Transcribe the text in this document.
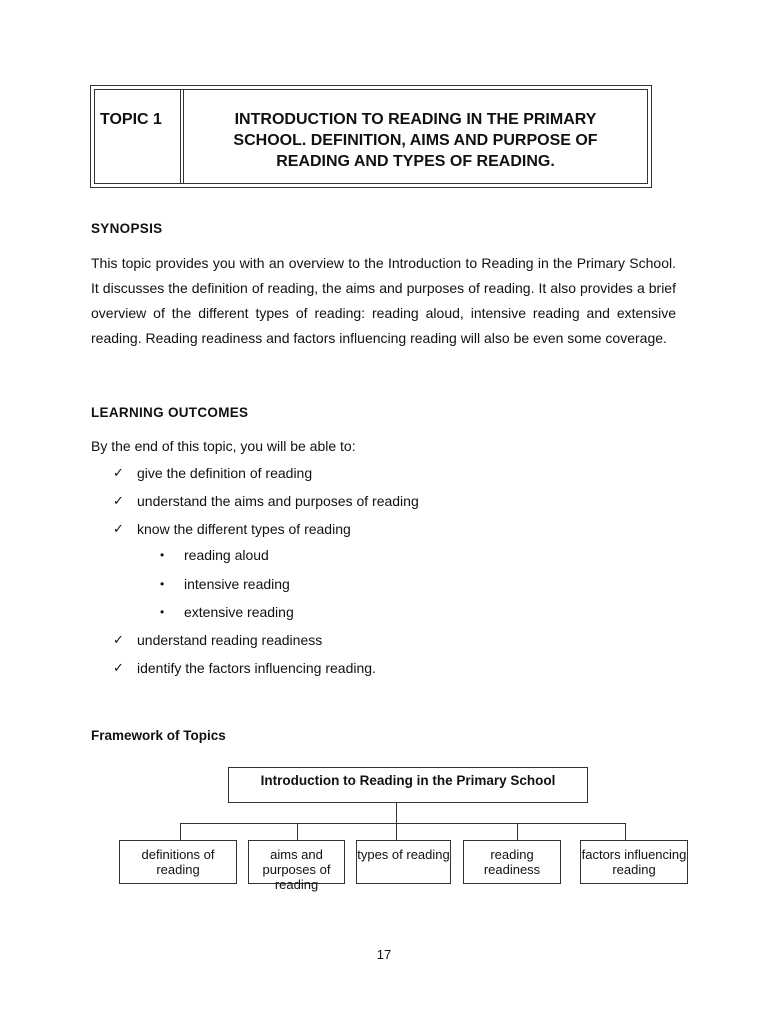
TOPIC 1	INTRODUCTION TO READING IN THE PRIMARY SCHOOL. DEFINITION, AIMS AND PURPOSE OF READING AND TYPES OF READING.
SYNOPSIS

This topic provides you with an overview to the Introduction to Reading in the Primary School. It discusses the definition of reading, the aims and purposes of reading. It also provides a brief overview of the different types of reading: reading aloud, intensive reading and extensive reading. Reading readiness and factors influencing reading will also be even some coverage.

LEARNING OUTCOMES
By the end of this topic, you will be able to:
✓ give the definition of reading
✓ understand the aims and purposes of reading
✓ know the different types of reading
•	reading aloud
•	intensive reading
•	extensive reading
✓ understand reading readiness
✓ identify the factors influencing reading.
Framework of Topics
Introduction to Reading in the Primary School
definitions of reading
aims and purposes of reading
types of reading	reading readiness
factors influencing reading
17
